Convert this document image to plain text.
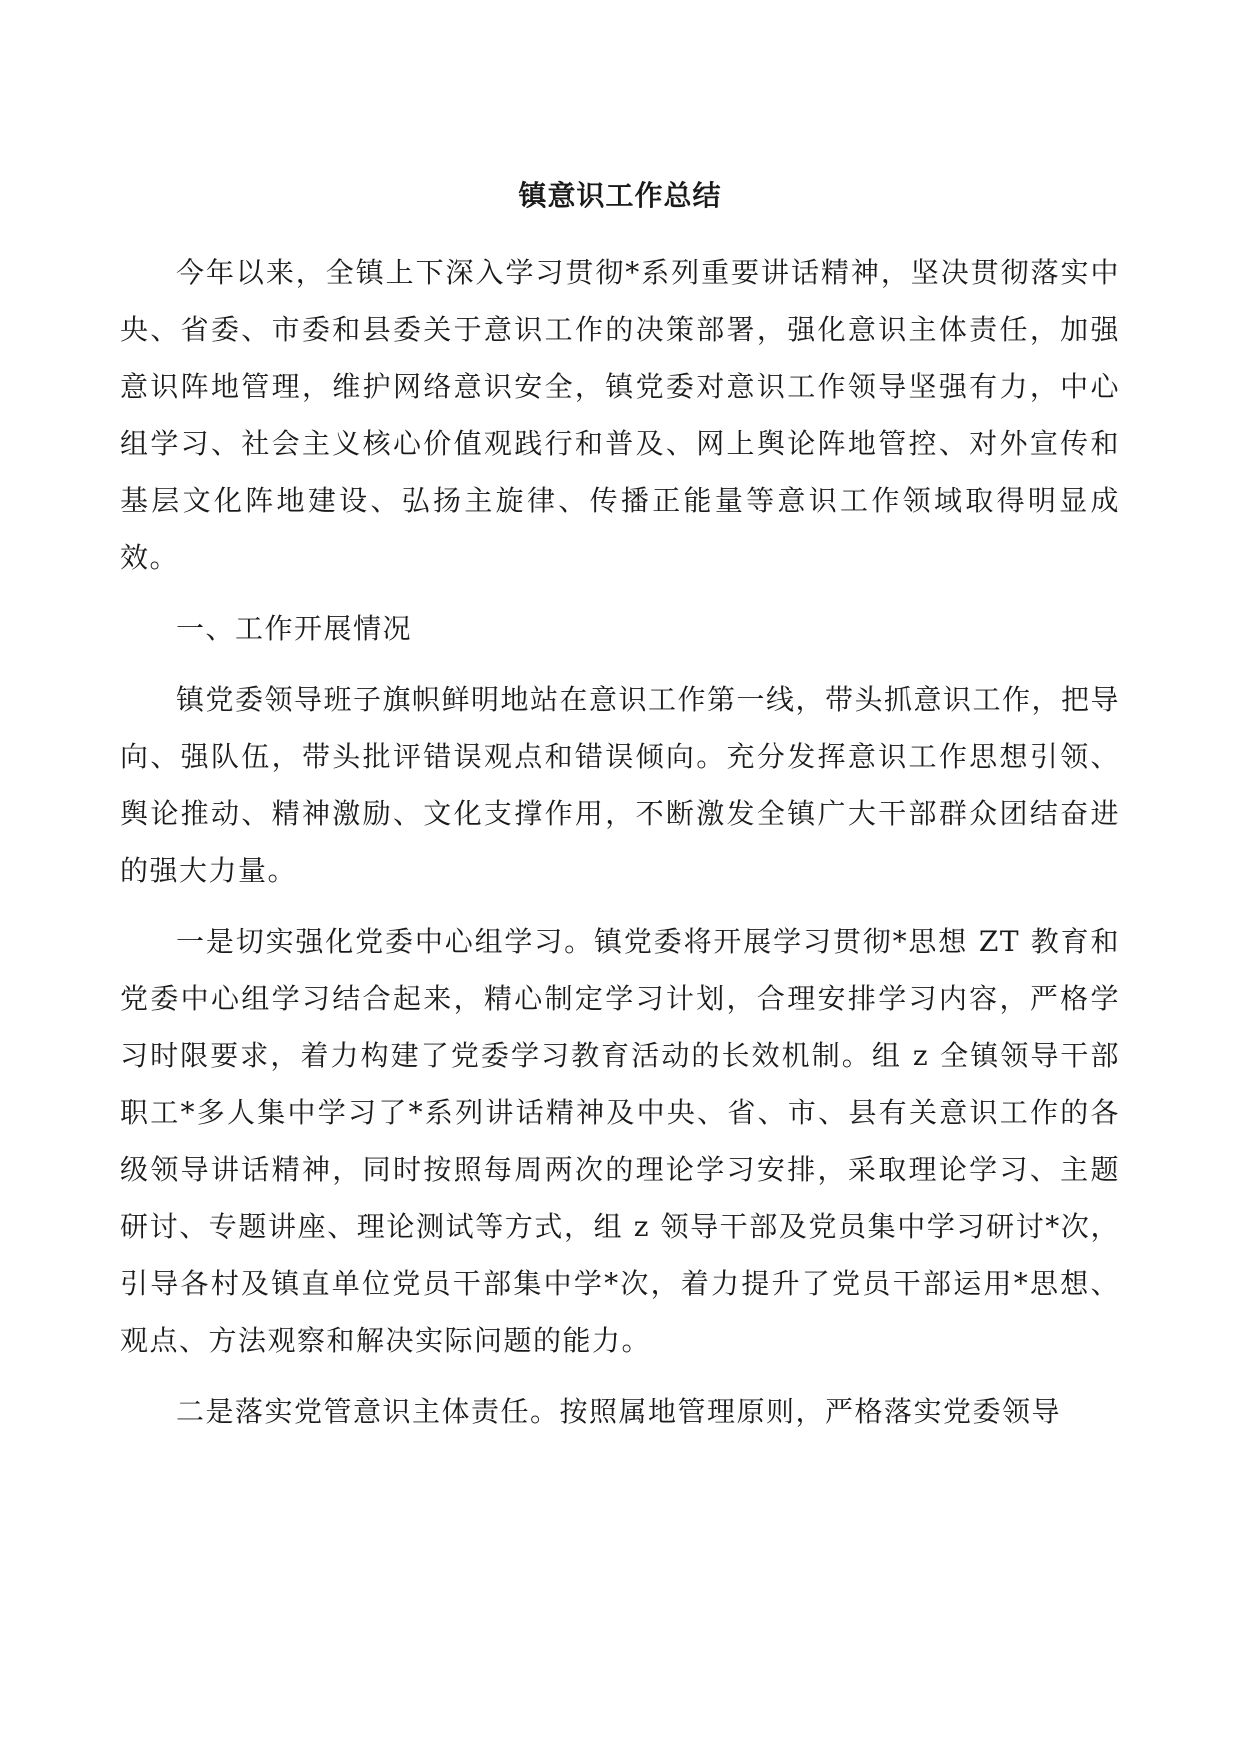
镇意识工作总结

今年以来，全镇上下深入学习贯彻*系列重要讲话精神，坚决贯彻落实中央、省委、市委和县委关于意识工作的决策部署，强化意识主体责任，加强意识阵地管理，维护网络意识安全，镇党委对意识工作领导坚强有力，中心组学习、社会主义核心价值观践行和普及、网上舆论阵地管控、对外宣传和基层文化阵地建设、弘扬主旋律、传播正能量等意识工作领域取得明显成效。

一、工作开展情况

镇党委领导班子旗帜鲜明地站在意识工作第一线，带头抓意识工作，把导向、强队伍，带头批评错误观点和错误倾向。充分发挥意识工作思想引领、舆论推动、精神激励、文化支撑作用，不断激发全镇广大干部群众团结奋进的强大力量。

一是切实强化党委中心组学习。镇党委将开展学习贯彻*思想 ZT 教育和党委中心组学习结合起来，精心制定学习计划，合理安排学习内容，严格学习时限要求，着力构建了党委学习教育活动的长效机制。组 z 全镇领导干部职工*多人集中学习了*系列讲话精神及中央、省、市、县有关意识工作的各级领导讲话精神，同时按照每周两次的理论学习安排，采取理论学习、主题研讨、专题讲座、理论测试等方式，组 z 领导干部及党员集中学习研讨*次，引导各村及镇直单位党员干部集中学*次，着力提升了党员干部运用*思想、观点、方法观察和解决实际问题的能力。

二是落实党管意识主体责任。按照属地管理原则，严格落实党委领导
